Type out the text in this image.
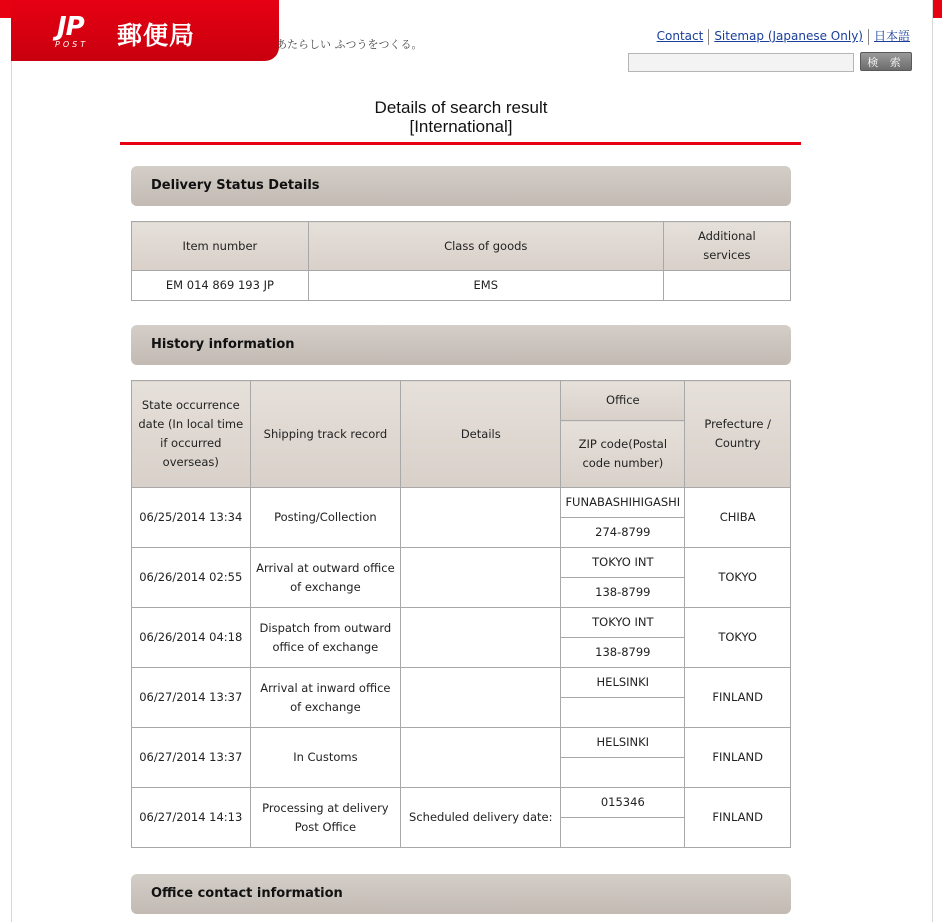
JP
POST 郵便局	あたらしい ふつうをつくる。
Contact Sitemap (Japanese Only) 日本語
検 索
Details of search result
[International]
Delivery Status Details
Item number	Class of goods	Additional services
EM 014 869 193 JP	EMS	
History information
State occurrence date (In local time if occurred overseas)	Shipping track record	Details	Office	Prefecture / Country
			ZIP code(Postal code number)	
06/25/2014 13:34	Posting/Collection		FUNABASHIHIGASHI	CHIBA
			274-8799	
06/26/2014 02:55	Arrival at outward office of exchange		TOKYO INT	TOKYO
			138-8799	
06/26/2014 04:18	Dispatch from outward office of exchange		TOKYO INT	TOKYO
			138-8799	
06/27/2014 13:37	Arrival at inward office of exchange		HELSINKI	FINLAND

06/27/2014 13:37	In Customs		HELSINKI	FINLAND

06/27/2014 14:13	Processing at delivery Post Office	Scheduled delivery date:	015346	FINLAND

Office contact information
